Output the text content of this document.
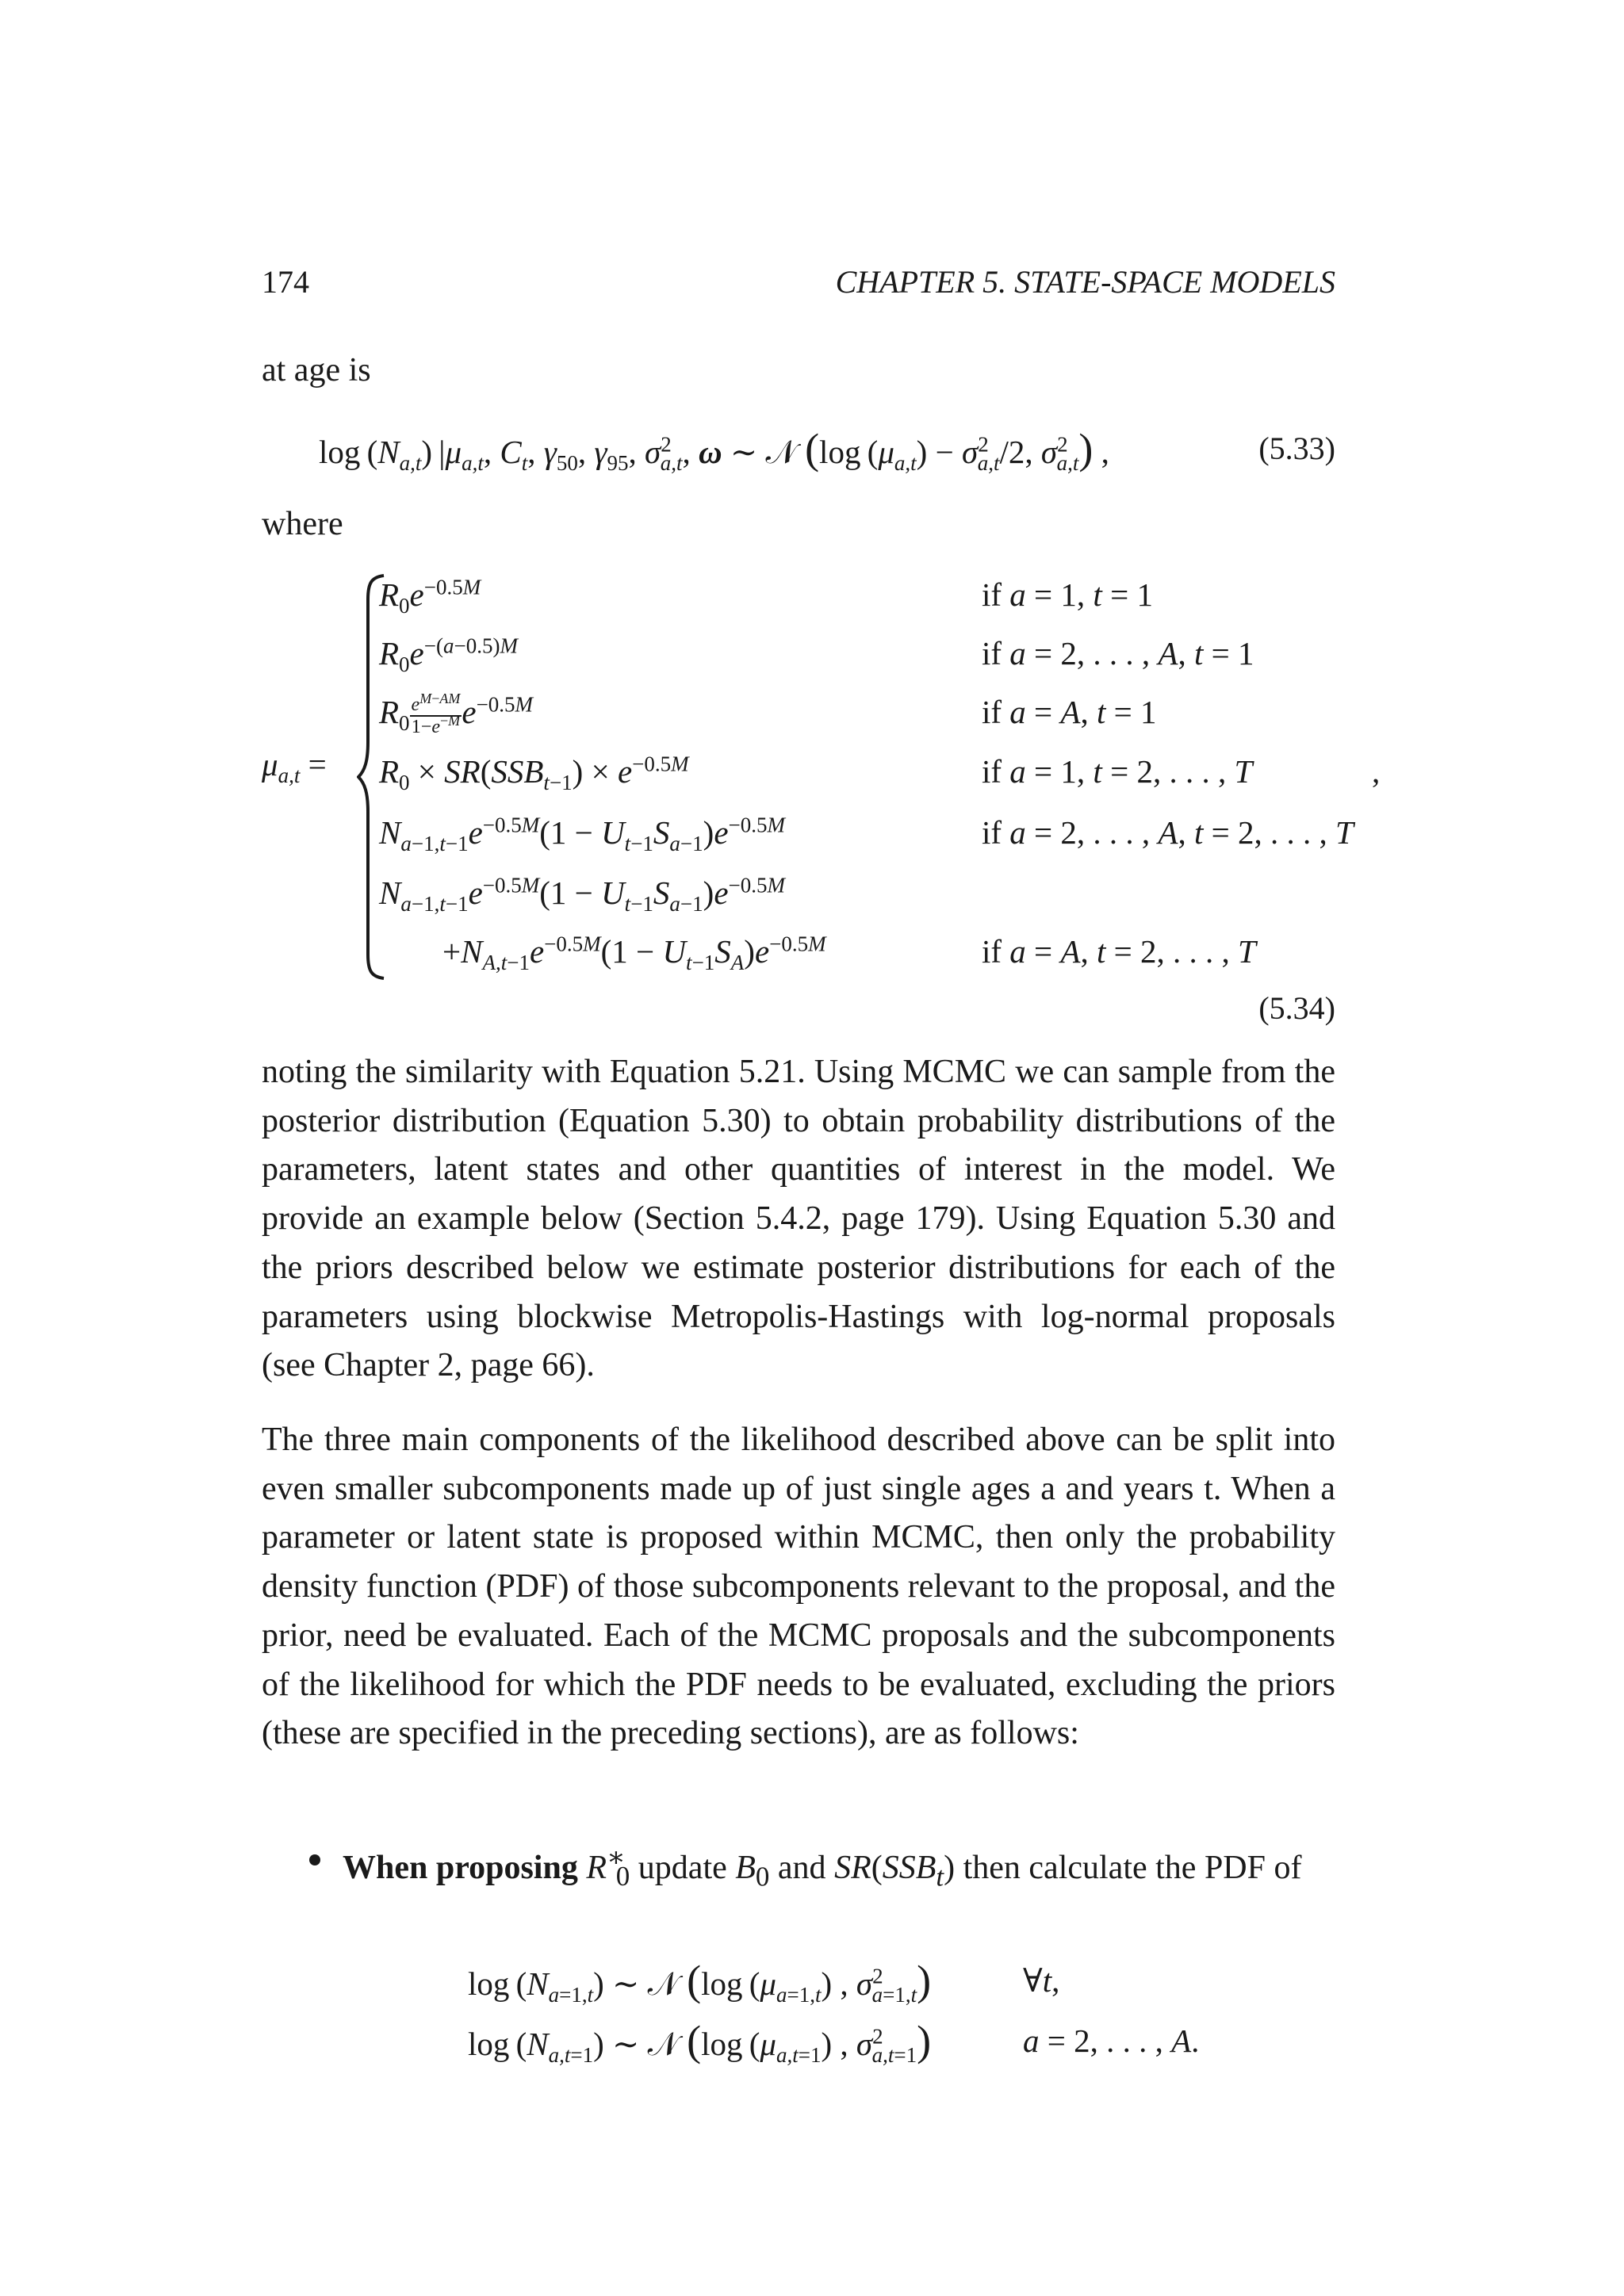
174	CHAPTER 5. STATE-SPACE MODELS
at age is
$\log (N_{a,t})$ $|\mu_{a,t}$, $C_t$, $\gamma_{50}$, $\gamma_{95}$, $\sigma^2_{a,t}$, ω ∼ 𝒩 (log $(\mu_{a,t}) - \sigma^2_{a,t}/2$, $\sigma^2_{a,t}$) ,	(5.33)
where
$\mu_{a,t}$ =
$R_0e^{-0.5M}$	if a = 1, t = 1
$R_0e^{-(a-0.5)M}$	if a = 2, . . . , A, t = 1
$R_0 \frac{e^{M-AM}}{1-e^{-M}} e^{-0.5M}$	if a = A, t = 1
$R_0 \times SR(SSB_{t-1}) \times e^{-0.5M}$	if a = 1, t = 2, . . . , T	,
$N_{a-1,t-1}e^{-0.5M}(1 - U_{t-1}S_{a-1})e^{-0.5M}$	if a = 2, . . . , A, t = 2, . . . , T
$N_{a-1,t-1}e^{-0.5M}(1 - U_{t-1}S_{a-1})e^{-0.5M}$
$+N_{A,t-1}e^{-0.5M}(1 - U_{t-1}S_A)e^{-0.5M}$	if a = A, t = 2, . . . , T
(5.34)
noting the similarity with Equation 5.21. Using MCMC we can sample from the posterior distribution (Equation 5.30) to obtain probability distributions of the parameters, latent states and other quantities of interest in the model. We provide an example below (Section 5.4.2, page 179). Using Equation 5.30 and the priors described below we estimate posterior distributions for each of the parameters using blockwise Metropolis-Hastings with log-normal proposals (see Chapter 2, page 66).
The three main components of the likelihood described above can be split into even smaller subcomponents made up of just single ages a and years t. When a parameter or latent state is proposed within MCMC, then only the probability density function (PDF) of those subcomponents relevant to the proposal, and the prior, need be evaluated. Each of the MCMC proposals and the subcomponents of the likelihood for which the PDF needs to be evaluated, excluding the priors (these are specified in the preceding sections), are as follows:
When proposing $R^∗_0$ update $B_0$ and $SR(SSB_t)$ then calculate the PDF of
$\log (N_{a=1,t})$ ∼ 𝒩 (log $(\mu_{a=1,t})$ , $\sigma^2_{a=1,t}$)	∀t,
$\log (N_{a,t=1})$ ∼ 𝒩 (log $(\mu_{a,t=1})$ , $\sigma^2_{a,t=1}$)	a = 2, . . . , A.
